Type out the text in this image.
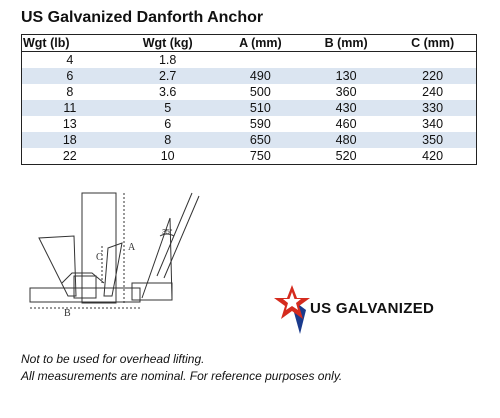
US Galvanized Danforth Anchor
Wgt (lb)	Wgt (kg)	A (mm)	B (mm)	C (mm)
4	1.8			
6	2.7	490	130	220
8	3.6	500	360	240
11	5	510	430	330
13	6	590	460	340
18	8	650	480	350
22	10	750	520	420
A
C
B
35°
US GALVANIZED
Not to be used for overhead lifting.
All measurements are nominal. For reference purposes only.
